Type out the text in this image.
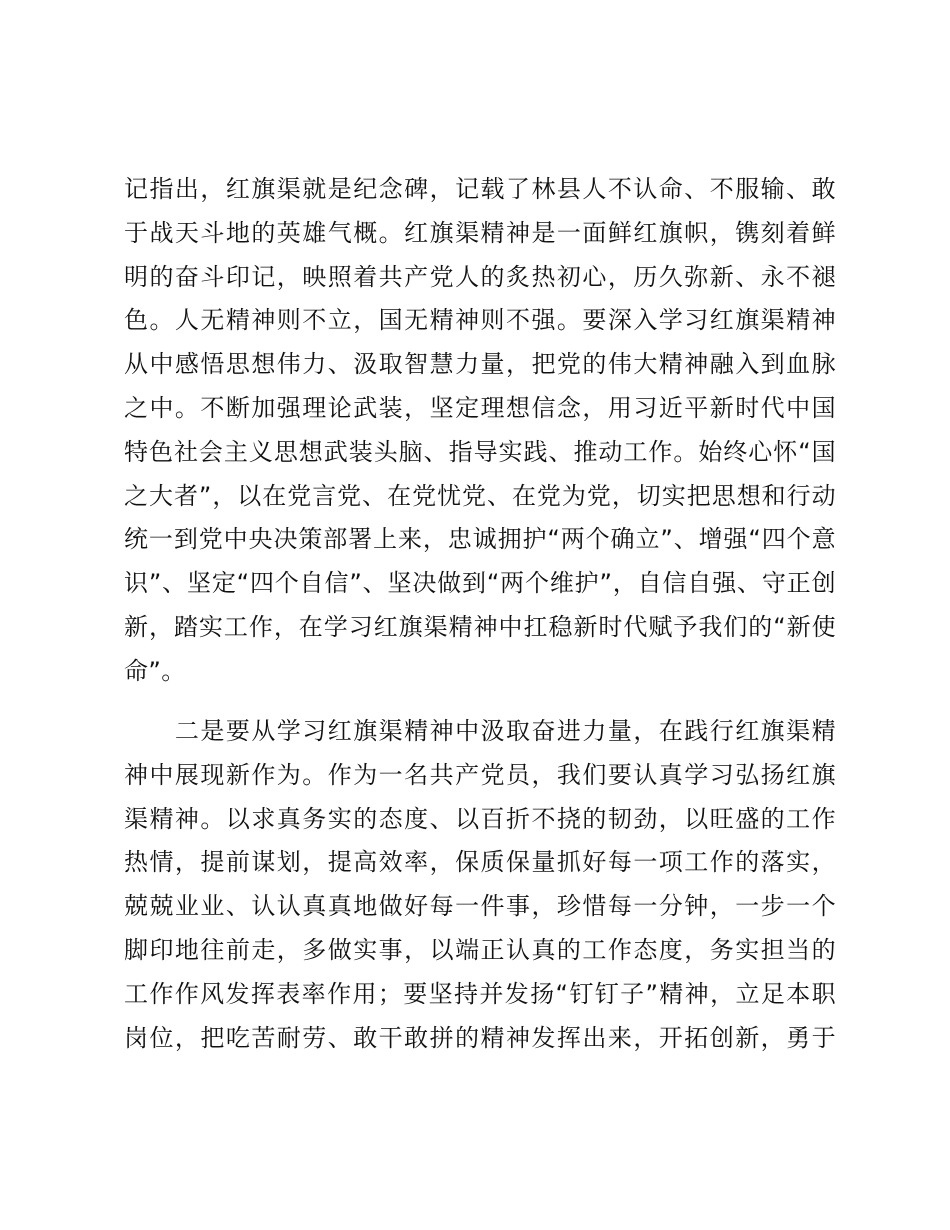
记指出，红旗渠就是纪念碑，记载了林县人不认命、不服输、敢
于战天斗地的英雄气概。红旗渠精神是一面鲜红旗帜，镌刻着鲜
明的奋斗印记，映照着共产党人的炙热初心，历久弥新、永不褪
色。人无精神则不立，国无精神则不强。要深入学习红旗渠精神
从中感悟思想伟力、汲取智慧力量，把党的伟大精神融入到血脉
之中。不断加强理论武装，坚定理想信念，用习近平新时代中国
特色社会主义思想武装头脑、指导实践、推动工作。始终心怀“国
之大者”，以在党言党、在党忧党、在党为党，切实把思想和行动
统一到党中央决策部署上来，忠诚拥护“两个确立”、增强“四个意
识”、坚定“四个自信”、坚决做到“两个维护”，自信自强、守正创
新，踏实工作，在学习红旗渠精神中扛稳新时代赋予我们的“新使
命”。
　　二是要从学习红旗渠精神中汲取奋进力量，在践行红旗渠精
神中展现新作为。作为一名共产党员，我们要认真学习弘扬红旗
渠精神。以求真务实的态度、以百折不挠的韧劲，以旺盛的工作
热情，提前谋划，提高效率，保质保量抓好每一项工作的落实，
兢兢业业、认认真真地做好每一件事，珍惜每一分钟，一步一个
脚印地往前走，多做实事，以端正认真的工作态度，务实担当的
工作作风发挥表率作用；要坚持并发扬“钉钉子”精神，立足本职
岗位，把吃苦耐劳、敢干敢拼的精神发挥出来，开拓创新，勇于
